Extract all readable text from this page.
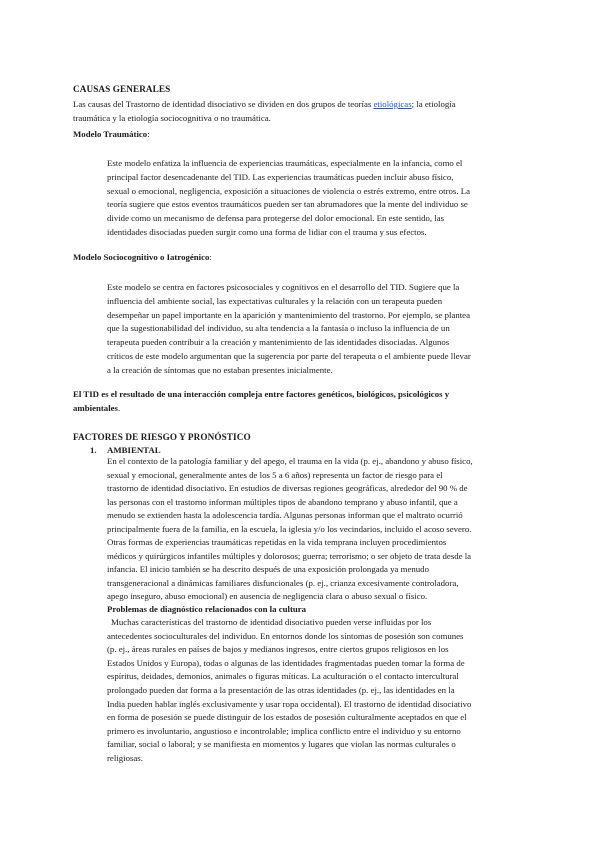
CAUSAS GENERALES
Las causas del Trastorno de identidad disociativo se dividen en dos grupos de teorías etiológicas; la etiología
traumática y la etiología sociocognitiva o no traumática.
Modelo Traumático:
Este modelo enfatiza la influencia de experiencias traumáticas, especialmente en la infancia, como el
principal factor desencadenante del TID. Las experiencias traumáticas pueden incluir abuso físico,
sexual o emocional, negligencia, exposición a situaciones de violencia o estrés extremo, entre otros. La
teoría sugiere que estos eventos traumáticos pueden ser tan abrumadores que la mente del individuo se
divide como un mecanismo de defensa para protegerse del dolor emocional. En este sentido, las
identidades disociadas pueden surgir como una forma de lidiar con el trauma y sus efectos.
Modelo Sociocognitivo o Iatrogénico:
Este modelo se centra en factores psicosociales y cognitivos en el desarrollo del TID. Sugiere que la
influencia del ambiente social, las expectativas culturales y la relación con un terapeuta pueden
desempeñar un papel importante en la aparición y mantenimiento del trastorno. Por ejemplo, se plantea
que la sugestionabilidad del individuo, su alta tendencia a la fantasía o incluso la influencia de un
terapeuta pueden contribuir a la creación y mantenimiento de las identidades disociadas. Algunos
críticos de este modelo argumentan que la sugerencia por parte del terapeuta o el ambiente puede llevar
a la creación de síntomas que no estaban presentes inicialmente.
El TID es el resultado de una interacción compleja entre factores genéticos, biológicos, psicológicos y
ambientales.
FACTORES DE RIESGO Y PRONÓSTICO
1. AMBIENTAL
En el contexto de la patología familiar y del apego, el trauma en la vida (p. ej., abandono y abuso físico,
sexual y emocional, generalmente antes de los 5 a 6 años) representa un factor de riesgo para el
trastorno de identidad disociativo. En estudios de diversas regiones geográficas, alrededor del 90 % de
las personas con el trastorno informan múltiples tipos de abandono temprano y abuso infantil, que a
menudo se extienden hasta la adolescencia tardía. Algunas personas informan que el maltrato ocurrió
principalmente fuera de la familia, en la escuela, la iglesia y/o los vecindarios, incluido el acoso severo.
Otras formas de experiencias traumáticas repetidas en la vida temprana incluyen procedimientos
médicos y quirúrgicos infantiles múltiples y dolorosos; guerra; terrorismo; o ser objeto de trata desde la
infancia. El inicio también se ha descrito después de una exposición prolongada ya menudo
transgeneracional a dinámicas familiares disfuncionales (p. ej., crianza excesivamente controladora,
apego inseguro, abuso emocional) en ausencia de negligencia clara o abuso sexual o físico.
Problemas de diagnóstico relacionados con la cultura
Muchas características del trastorno de identidad disociativo pueden verse influidas por los
antecedentes socioculturales del individuo. En entornos donde los síntomas de posesión son comunes
(p. ej., áreas rurales en países de bajos y medianos ingresos, entre ciertos grupos religiosos en los
Estados Unidos y Europa), todas o algunas de las identidades fragmentadas pueden tomar la forma de
espíritus, deidades, demonios, animales o figuras míticas. La aculturación o el contacto intercultural
prolongado pueden dar forma a la presentación de las otras identidades (p. ej., las identidades en la
India pueden hablar inglés exclusivamente y usar ropa occidental). El trastorno de identidad disociativo
en forma de posesión se puede distinguir de los estados de posesión culturalmente aceptados en que el
primero es involuntario, angustioso e incontrolable; implica conflicto entre el individuo y su entorno
familiar, social o laboral; y se manifiesta en momentos y lugares que violan las normas culturales o
religiosas.
